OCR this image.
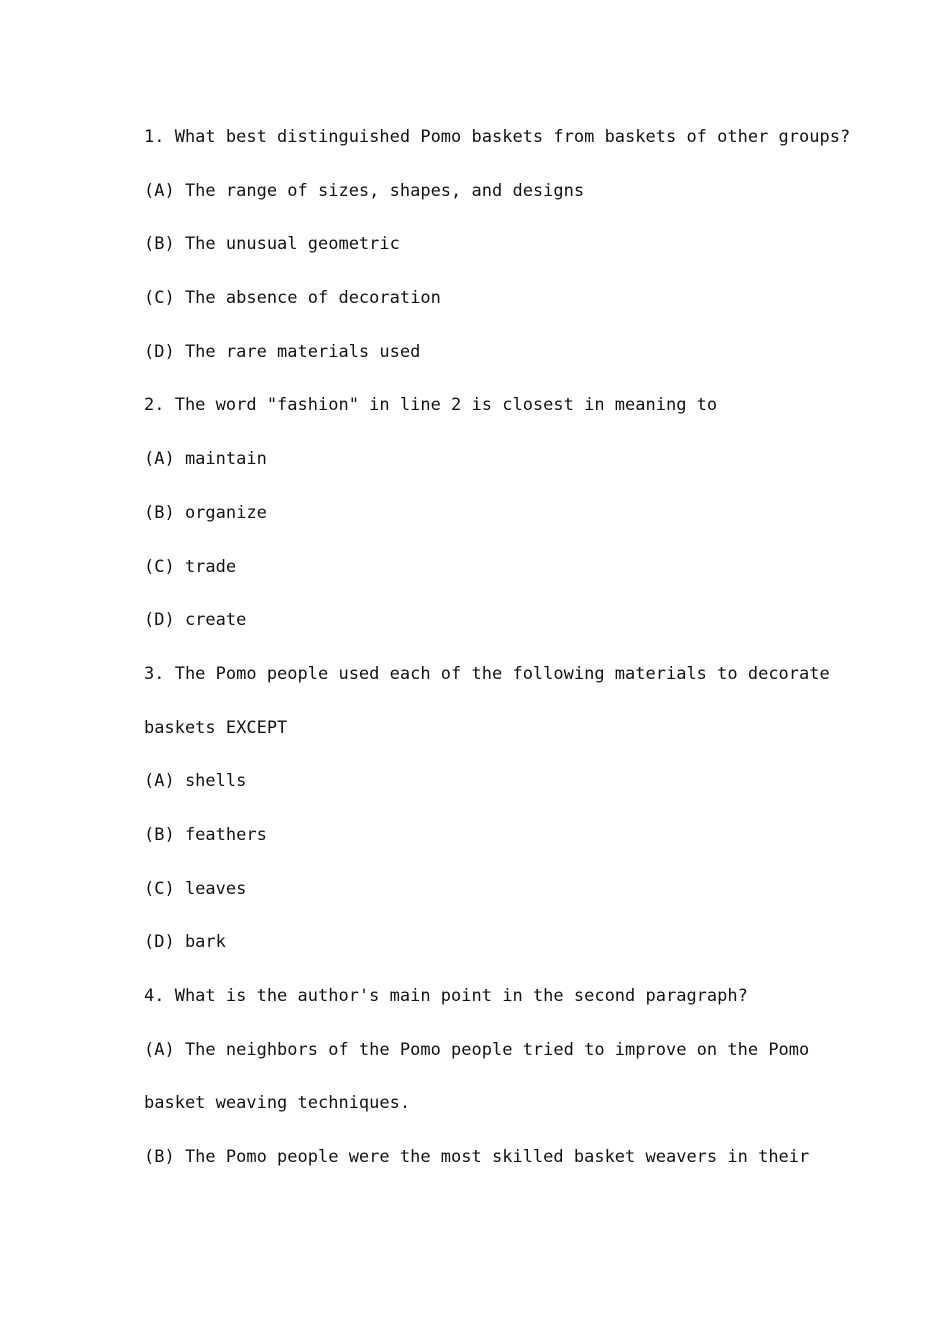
1. What best distinguished Pomo baskets from baskets of other groups?

(A) The range of sizes, shapes, and designs

(B) The unusual geometric

(C) The absence of decoration

(D) The rare materials used

2. The word "fashion" in line 2 is closest in meaning to

(A) maintain

(B) organize

(C) trade

(D) create

3. The Pomo people used each of the following materials to decorate

baskets EXCEPT

(A) shells

(B) feathers

(C) leaves

(D) bark

4. What is the author's main point in the second paragraph?

(A) The neighbors of the Pomo people tried to improve on the Pomo

basket weaving techniques.

(B) The Pomo people were the most skilled basket weavers in their
